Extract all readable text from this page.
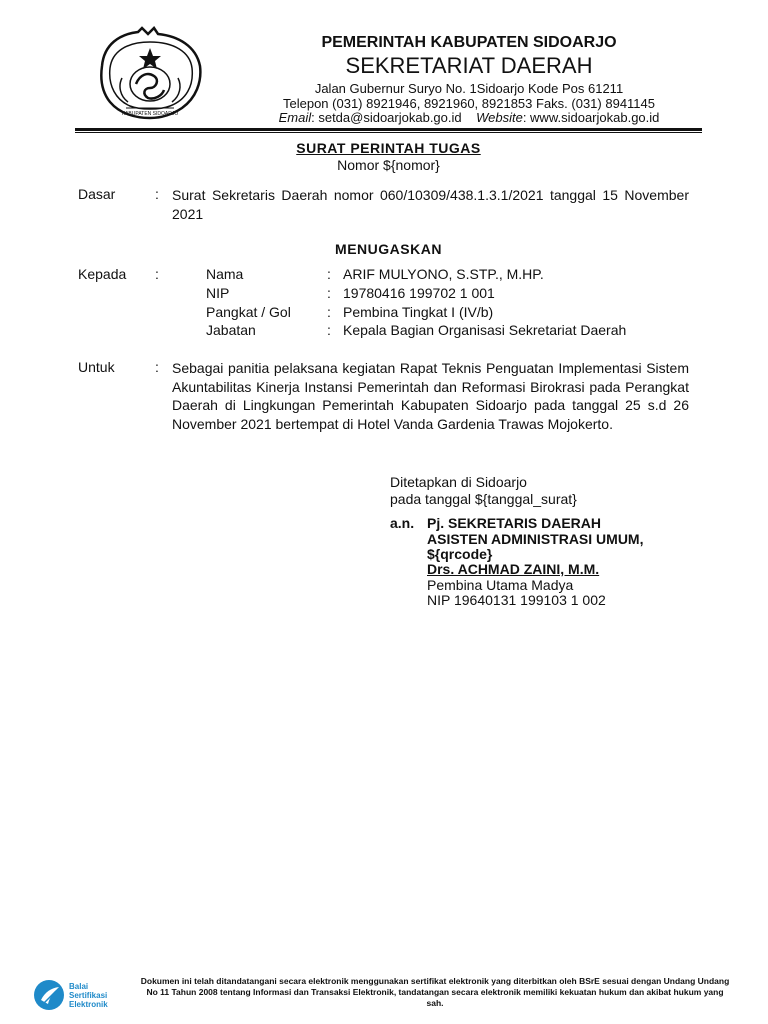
KABUPATEN SIDOARJO
PEMERINTAH KABUPATEN SIDOARJO
SEKRETARIAT DAERAH
Jalan Gubernur Suryo No. 1Sidoarjo Kode Pos 61211
Telepon (031) 8921946, 8921960, 8921853 Faks. (031) 8941145
Email: setda@sidoarjokab.go.id Website: www.sidoarjokab.go.id
SURAT PERINTAH TUGAS
Nomor ${nomor}
Dasar	: Surat Sekretaris Daerah nomor 060/10309/438.1.3.1/2021 tanggal 15 November 2021
MENUGASKAN
Kepada :	Nama	: ARIF MULYONO, S.STP., M.HP.
NIP	: 19780416 199702 1 001
Pangkat / Gol	: Pembina Tingkat I (IV/b)
Jabatan	: Kepala Bagian Organisasi Sekretariat Daerah
Untuk	: Sebagai panitia pelaksana kegiatan Rapat Teknis Penguatan Implementasi Sistem Akuntabilitas Kinerja Instansi Pemerintah dan Reformasi Birokrasi pada Perangkat Daerah di Lingkungan Pemerintah Kabupaten Sidoarjo pada tanggal 25 s.d 26 November 2021 bertempat di Hotel Vanda Gardenia Trawas Mojokerto.
Ditetapkan di Sidoarjo
pada tanggal ${tanggal_surat}
a.n. Pj. SEKRETARIS DAERAH
ASISTEN ADMINISTRASI UMUM,
${qrcode}
Drs. ACHMAD ZAINI, M.M.
Pembina Utama Madya
NIP 19640131 199103 1 002
Balai
Sertifikasi
Elektronik
Dokumen ini telah ditandatangani secara elektronik menggunakan sertifikat elektronik yang diterbitkan oleh BSrE sesuai dengan Undang Undang No 11 Tahun 2008 tentang Informasi dan Transaksi Elektronik, tandatangan secara elektronik memiliki kekuatan hukum dan akibat hukum yang sah.
